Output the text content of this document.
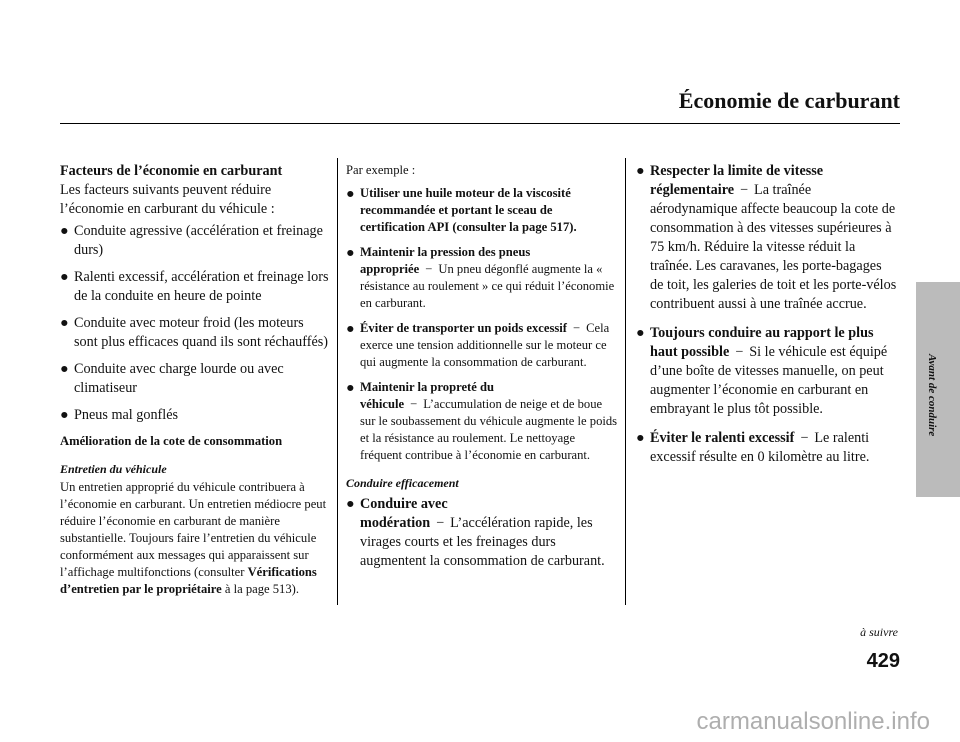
Économie de carburant
Avant de conduire

Facteurs de l’économie en carburant

Les facteurs suivants peuvent réduire l’économie en carburant du véhicule :

● Conduite agressive (accélération et freinage durs)
● Ralenti excessif, accélération et freinage lors de la conduite en heure de pointe
● Conduite avec moteur froid (les moteurs sont plus efficaces quand ils sont réchauffés)
● Conduite avec charge lourde ou avec climatiseur
● Pneus mal gonflés

Amélioration de la cote de consommation

Entretien du véhicule

Un entretien approprié du véhicule contribuera à l’économie en carburant. Un entretien médiocre peut réduire l’économie en carburant de manière substantielle. Toujours faire l’entretien du véhicule conformément aux messages qui apparaissent sur l’affichage multifonctions (consulter Vérifications d’entretien par le propriétaire à la page 513).

Par exemple :

● Utiliser une huile moteur de la viscosité recommandée et portant le sceau de certification API (consulter la page 517).
● Maintenir la pression des pneus appropriée − Un pneu dégonflé augmente la « résistance au roulement » ce qui réduit l’économie en carburant.
● Éviter de transporter un poids excessif − Cela exerce une tension additionnelle sur le moteur ce qui augmente la consommation de carburant.
● Maintenir la propreté du véhicule − L’accumulation de neige et de boue sur le soubassement du véhicule augmente le poids et la résistance au roulement. Le nettoyage fréquent contribue à l’économie en carburant.

Conduire efficacement

● Conduire avec modération − L’accélération rapide, les virages courts et les freinages durs augmentent la consommation de carburant.
● Respecter la limite de vitesse réglementaire − La traînée aérodynamique affecte beaucoup la cote de consommation à des vitesses supérieures à 75 km/h. Réduire la vitesse réduit la traînée. Les caravanes, les porte-bagages de toit, les galeries de toit et les porte-vélos contribuent aussi à une traînée accrue.
● Toujours conduire au rapport le plus haut possible − Si le véhicule est équipé d’une boîte de vitesses manuelle, on peut augmenter l’économie en carburant en embrayant le plus tôt possible.
● Éviter le ralenti excessif − Le ralenti excessif résulte en 0 kilomètre au litre.
à suivre
429
carmanualsonline.info
